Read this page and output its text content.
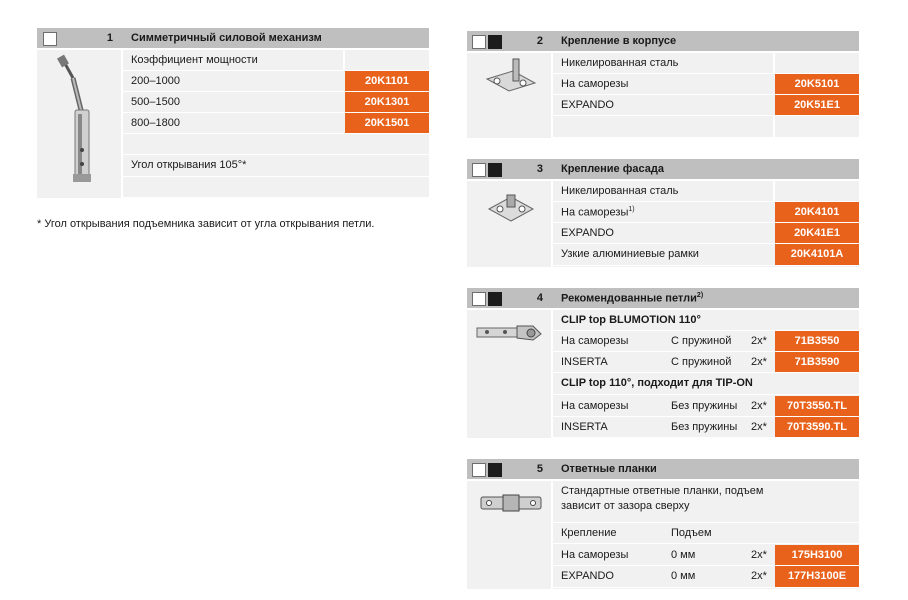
1 Симметричный силовой механизм
Коэффициент мощности
200–1000	20K1101
500–1500	20K1301
800–1800	20K1501
Угол открывания 105°*
* Угол открывания подъемника зависит от угла открывания петли.
2 Крепление в корпусе
Никелированная сталь
На саморезы	20K5101
EXPANDO	20K51E1
3 Крепление фасада
Никелированная сталь
На саморезы$^{1)}$	20K4101
EXPANDO	20K41E1
Узкие алюминиевые рамки	20K4101A
4 Рекомендованные петли$^{2)}$
CLIP top BLUMOTION 110°
На саморезы	С пружиной 2x*	71B3550
INSERTA	С пружиной 2x*	71B3590
CLIP top 110°, подходит для TIP-ON
INSERTA	Без пружины 2x*	70T3590.TL
На саморезы	Без пружины 2x*	70T3550.TL
5 Ответные планки
Стандартные ответные планки, подъем
зависит от зазора сверху
Крепление	Подъем
На саморезы	0 мм	2x*	175H3100
EXPANDO	0 мм	2x*	177H3100E
